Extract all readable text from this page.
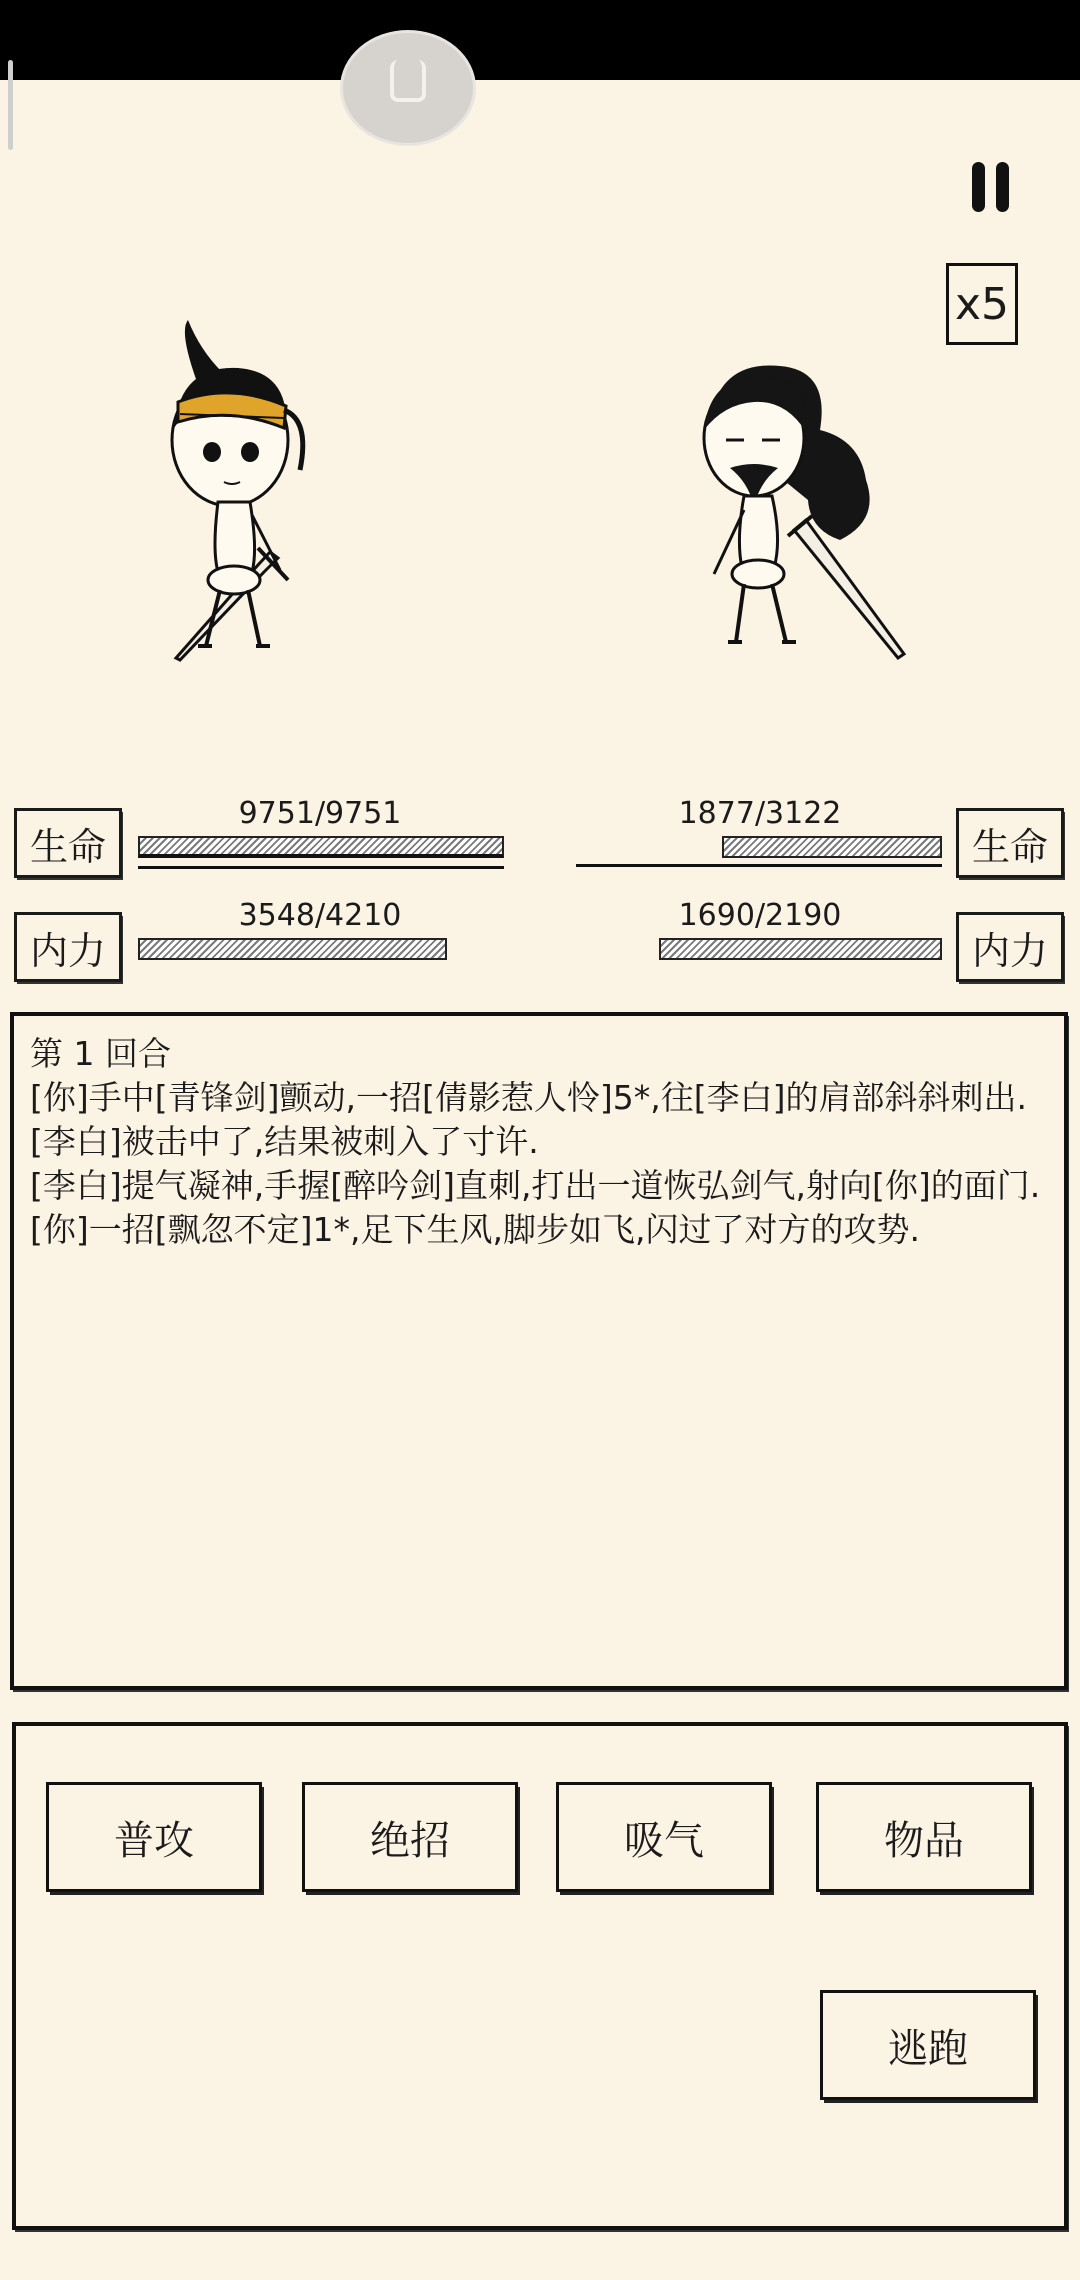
x5
生命
9751/9751
内力
3548/4210
生命
1877/3122
内力
1690/2190
第 1 回合
[你]手中[青锋剑]颤动,一招[倩影惹人怜]5*,往[李白]的肩部斜斜刺出.
[李白]被击中了,结果被刺入了寸许.
[李白]提气凝神,手握[醉吟剑]直刺,打出一道恢弘剑气,射向[你]的面门.
[你]一招[飘忽不定]1*,足下生风,脚步如飞,闪过了对方的攻势.
普攻	绝招	吸气	物品
逃跑
